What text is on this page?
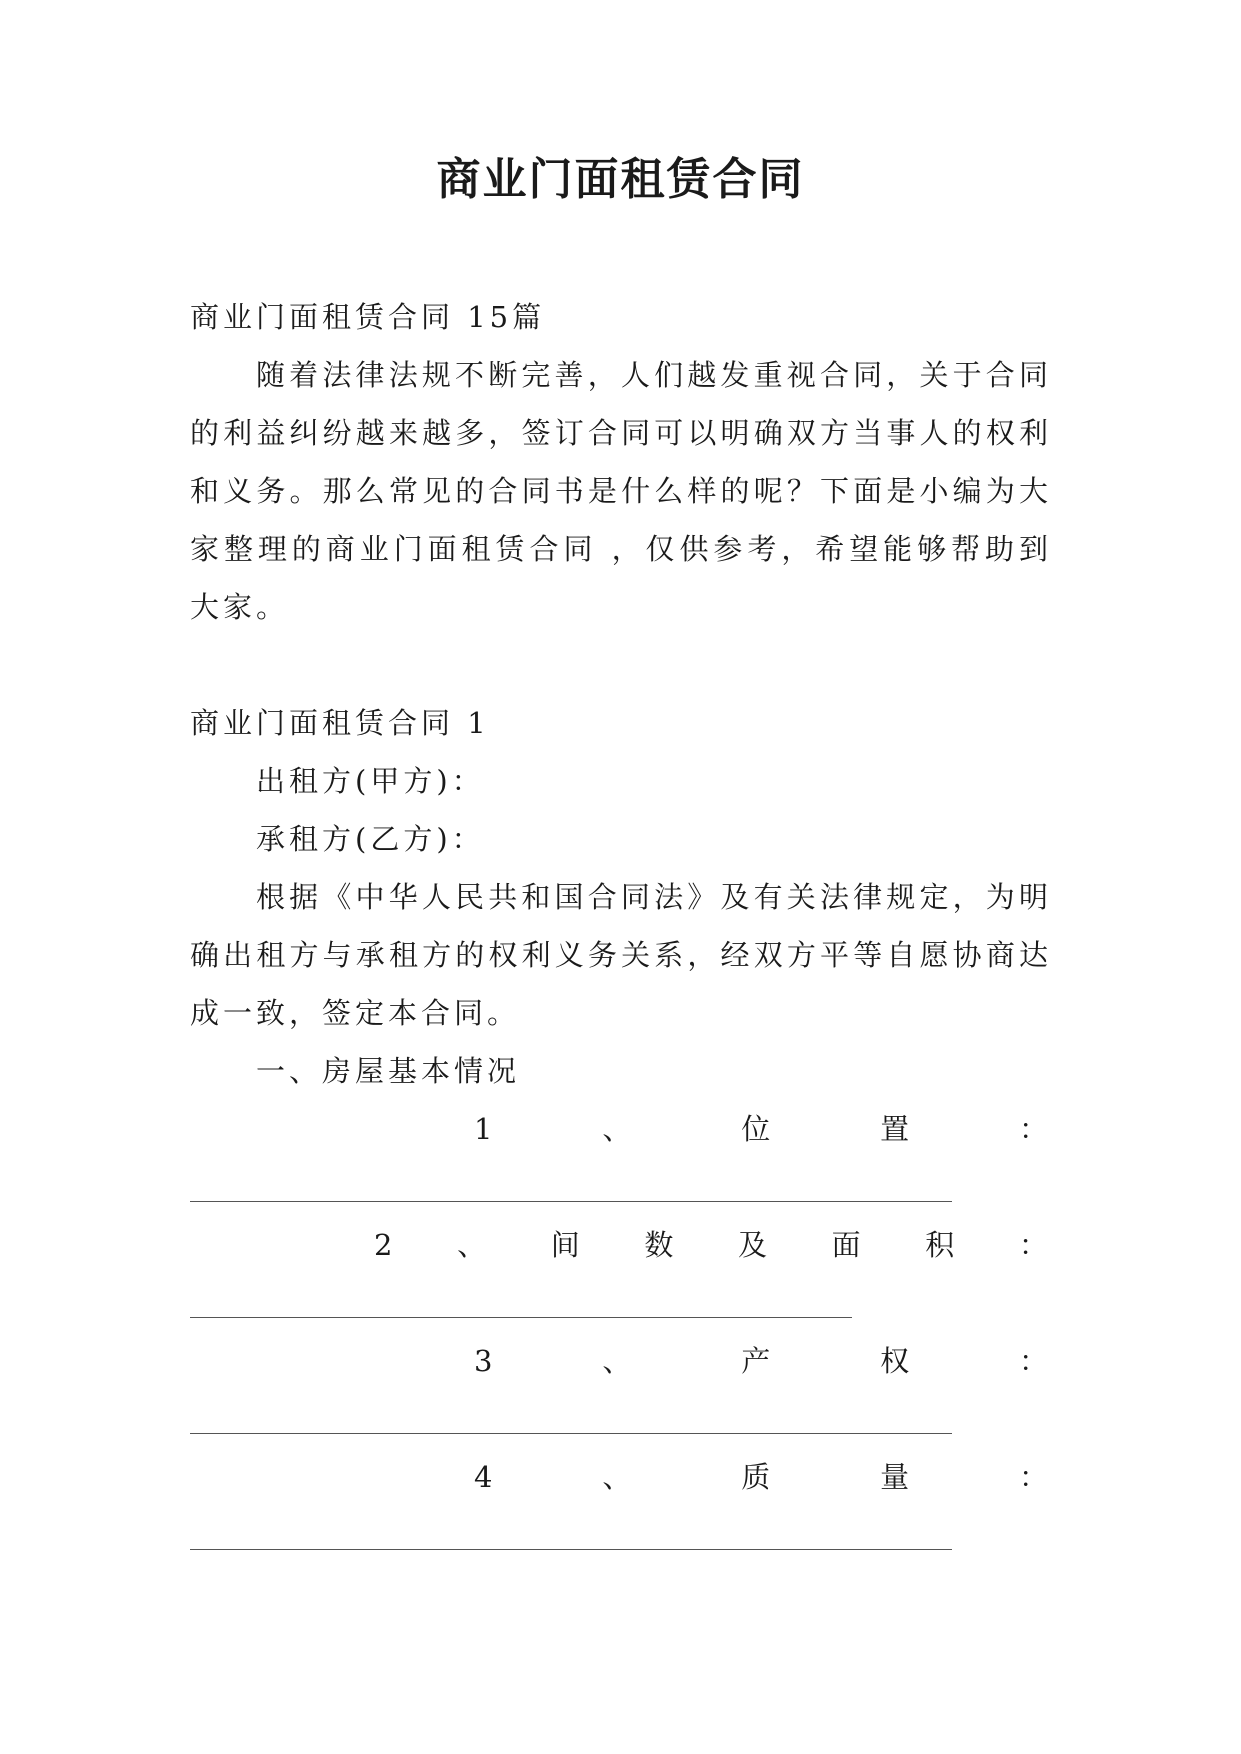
商业门面租赁合同
商业门面租赁合同 15篇

随着法律法规不断完善，人们越发重视合同，关于合同的利益纠纷越来越多，签订合同可以明确双方当事人的权利和义务。那么常见的合同书是什么样的呢？下面是小编为大家整理的商业门面租赁合同 ，仅供参考，希望能够帮助到大家。

商业门面租赁合同 1
出租方(甲方)：
承租方(乙方)：

根据《中华人民共和国合同法》及有关法律规定，为明确出租方与承租方的权利义务关系，经双方平等自愿协商达成一致，签定本合同。

一、房屋基本情况
1	、	位	置	：
2 、 间 数 及 面 积 ：
3	、	产	权	：
4	、	质	量	：
